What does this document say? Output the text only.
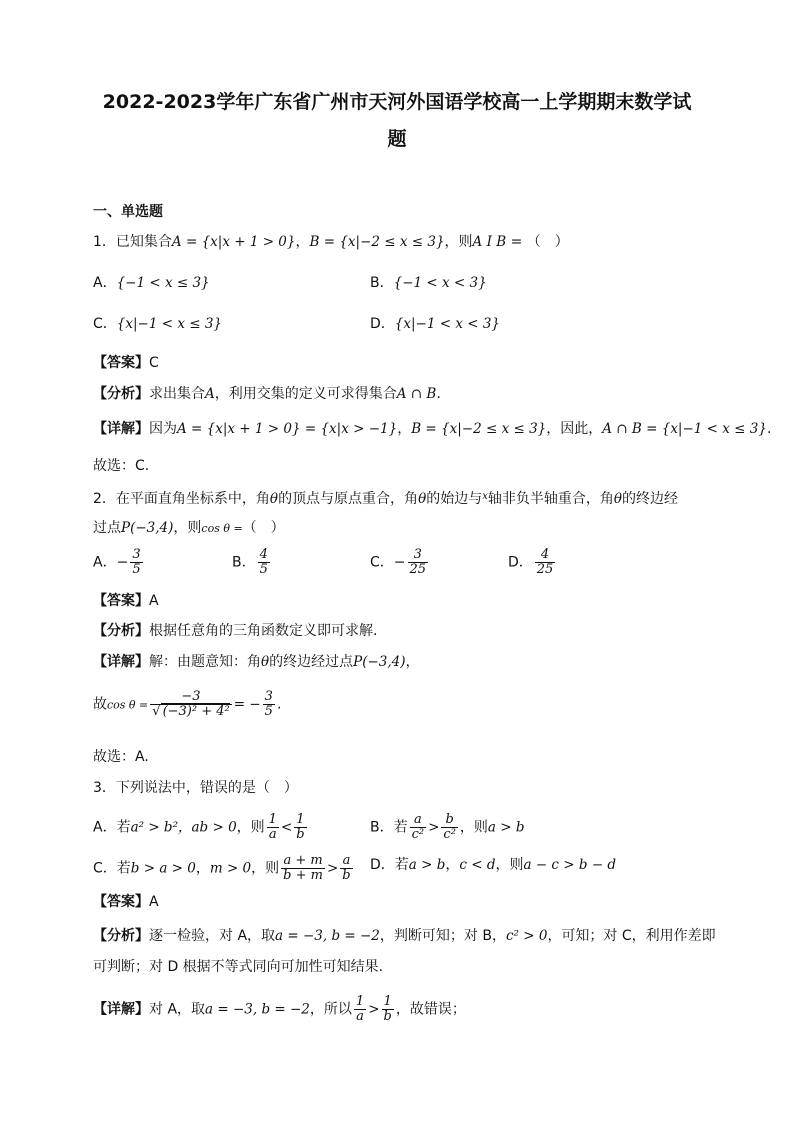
2022-2023学年广东省广州市天河外国语学校高一上学期期末数学试
题
一、单选题
1．已知集合A = {x|x + 1 > 0}，B = {x|−2 ≤ x ≤ 3}，则A I B = （　）
A．{−1 < x ≤ 3}	B．{−1 < x < 3}
C．{x|−1 < x ≤ 3}	D．{x|−1 < x < 3}
【答案】C
【分析】求出集合A，利用交集的定义可求得集合A ∩ B.
【详解】因为A = {x|x + 1 > 0} = {x|x > −1}，B = {x|−2 ≤ x ≤ 3}，因此，A ∩ B = {x|−1 < x ≤ 3}.
故选：C.
2．在平面直角坐标系中，角θ的顶点与原点重合，角θ的始边与$^x$轴非负半轴重合，角θ的终边经
过点P(−3,4)，则cos θ =（　）
A．− $\frac{3}{5}$	B． $\frac{4}{5}$	C．− $\frac{3}{25}$	D． $\frac{4}{25}$
【答案】A
【分析】根据任意角的三角函数定义即可求解.
【详解】解：由题意知：角θ的终边经过点P(−3,4)，
故$\cos \theta = \frac{-3}{\text{√ (−3)² + 4²}}$ = − $\frac{3}{5}$ .
故选：A.
3．下列说法中，错误的是（　）
A．若a² > b²，ab > 0，则 $\frac{1}{a} < \frac{1}{b}$	B．若 $\frac{a}{\text{c²}} > \frac{b}{\text{c²}}$ ，则a > b
C．若b > a > 0，m > 0，则 $\frac{a + m}{b + m} > \frac{a}{b}$ D．若a > b，c < d，则a − c > b − d
【答案】A
【分析】逐一检验，对 A，取a = −3, b = −2，判断可知；对 B，c² > 0，可知；对 C，利用作差即
可判断；对 D 根据不等式同向可加性可知结果.
【详解】对 A，取a = −3, b = −2，所以 $\frac{1}{a} > \frac{1}{b}$ ，故错误；
